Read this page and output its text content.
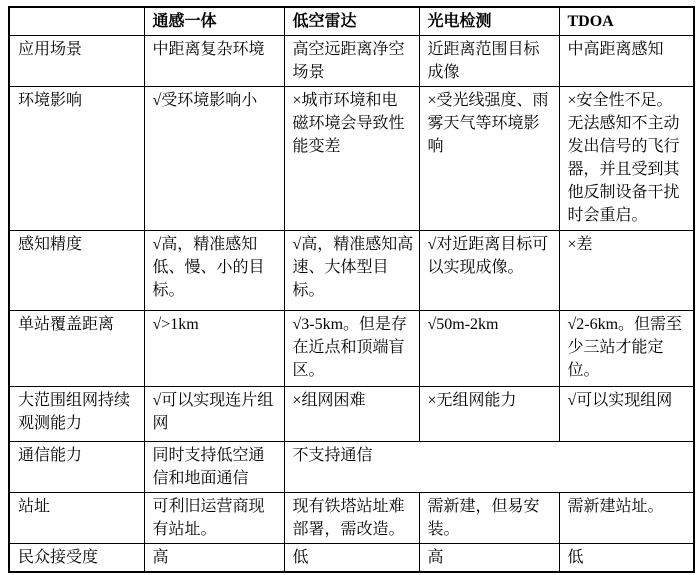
	通感一体	低空雷达	光电检测	TDOA
应用场景	中距离复杂环境	高空远距离净空场景	近距离范围目标成像	中高距离感知
环境影响	√受环境影响小	×城市环境和电磁环境会导致性能变差	×受光线强度、雨雾天气等环境影响	×安全性不足。无法感知不主动发出信号的飞行器，并且受到其他反制设备干扰时会重启。
感知精度	√高，精准感知低、慢、小的目标。	√高，精准感知高速、大体型目标。	√对近距离目标可以实现成像。	×差
单站覆盖距离	√>1km	√3-5km。但是存在近点和顶端盲区。	√50m-2km	√2-6km。但需至少三站才能定位。
大范围组网持续观测能力	√可以实现连片组网	×组网困难	×无组网能力	√可以实现组网
通信能力	同时支持低空通信和地面通信	不支持通信		
站址	可利旧运营商现有站址。	现有铁塔站址难部署，需改造。	需新建，但易安装。	需新建站址。
民众接受度	高	低	高	低
